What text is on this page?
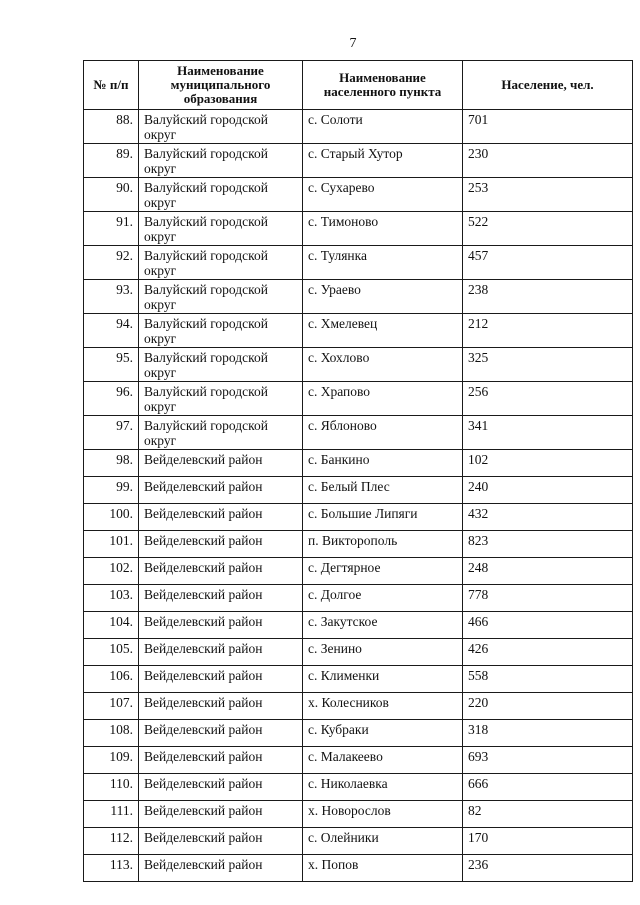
7
№ п/п	Наименование муниципального образования	Наименование населенного пункта	Население, чел.
88.	Валуйский городской округ	с. Солоти	701
89.	Валуйский городской округ	с. Старый Хутор	230
90.	Валуйский городской округ	с. Сухарево	253
91.	Валуйский городской округ	с. Тимоново	522
92.	Валуйский городской округ	с. Тулянка	457
93.	Валуйский городской округ	с. Ураево	238
94.	Валуйский городской округ	с. Хмелевец	212
95.	Валуйский городской округ	с. Хохлово	325
96.	Валуйский городской округ	с. Храпово	256
97.	Валуйский городской округ	с. Яблоново	341
98.	Вейделевский район	с. Банкино	102
99.	Вейделевский район	с. Белый Плес	240
100.	Вейделевский район	с. Большие Липяги	432
101.	Вейделевский район	п. Викторополь	823
102.	Вейделевский район	с. Дегтярное	248
103.	Вейделевский район	с. Долгое	778
104.	Вейделевский район	с. Закутское	466
105.	Вейделевский район	с. Зенино	426
106.	Вейделевский район	с. Клименки	558
107.	Вейделевский район	х. Колесников	220
108.	Вейделевский район	с. Кубраки	318
109.	Вейделевский район	с. Малакеево	693
110.	Вейделевский район	с. Николаевка	666
111.	Вейделевский район	х. Новорослов	82
112.	Вейделевский район	с. Олейники	170
113.	Вейделевский район	х. Попов	236
